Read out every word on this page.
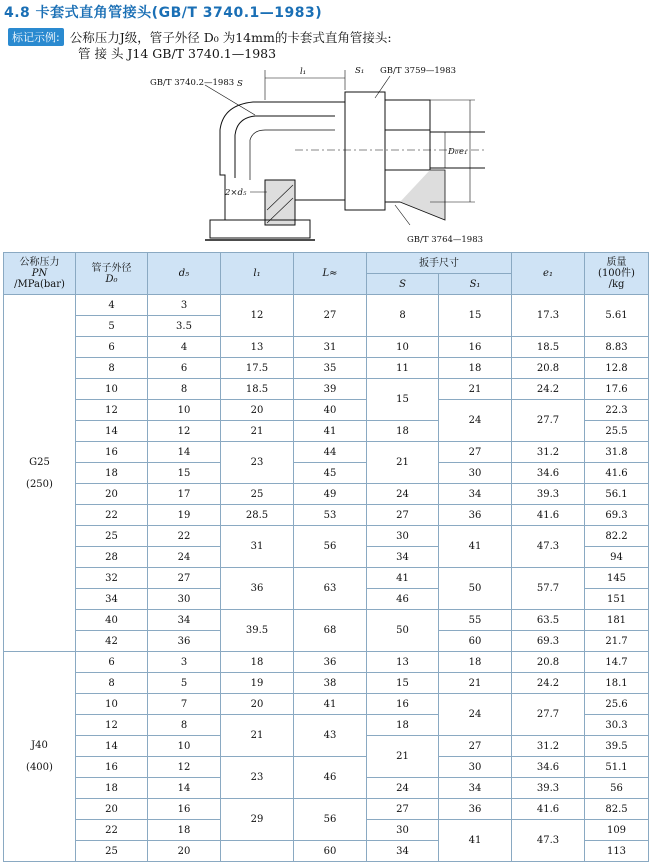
4.8 卡套式直角管接头(GB/T 3740.1—1983)
标记示例: 公称压力J级，管子外径 D₀ 为14mm的卡套式直角管接头:
管 接 头 J14 GB/T 3740.1—1983
GB/T 3740.2—1983 S
l₁	S₁ GB/T 3759—1983
D₀ e₁
2×d₅
GB/T 3764—1983
公称压力
PN
/MPa(bar)	管子外径
D₀	d₅	l₁	L≈	扳手尺寸		e₁	质量
(100件)
/kg
					S	S₁		
G25

(250)	4	3	12	27	8	15	17.3	5.61
	5	3.5						
	6	4	13	31	10	16	18.5	8.83
	8	6	17.5	35	11	18	20.8	12.8
	10	8	18.5	39	15	21	24.2	17.6
	12	10	20	40		24	27.7	22.3
	14	12	21	41	18			25.5
	16	14	23	44	21	27	31.2	31.8
	18	15		45		30	34.6	41.6
	20	17	25	49	24	34	39.3	56.1
	22	19	28.5	53	27	36	41.6	69.3
	25	22	31	56	30	41	47.3	82.2
	28	24			34			94
	32	27	36	63	41	50	57.7	145
	34	30			46			151
	40	34	39.5	68	50	55	63.5	181
	42	36				60	69.3	21.7
J40

(400)	6	3	18	36	13	18	20.8	14.7
	8	5	19	38	15	21	24.2	18.1
	10	7	20	41	16	24	27.7	25.6
	12	8	21	43	18			30.3
	14	10			21	27	31.2	39.5
	16	12	23	46		30	34.6	51.1
	18	14			24	34	39.3	56
	20	16	29	56	27	36	41.6	82.5
	22	18			30	41	47.3	109
	25	20		60	34			113
